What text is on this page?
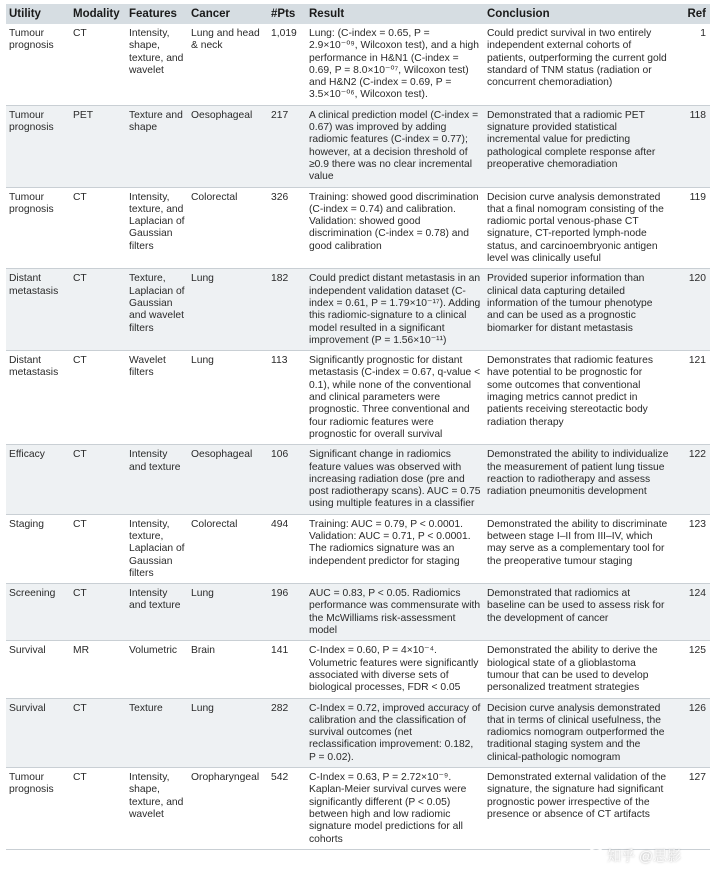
Utility	Modality	Features	Cancer	#Pts	Result	Conclusion	Ref
Tumour prognosis	CT	Intensity, shape, texture, and wavelet	Lung and head & neck	1,019	Lung: (C-index = 0.65, P = 2.9×10⁻⁰⁹, Wilcoxon test), and a high performance in H&N1 (C-index = 0.69, P = 8.0×10⁻⁰⁷, Wilcoxon test) and H&N2 (C-index = 0.69, P = 3.5×10⁻⁰⁶, Wilcoxon test).	Could predict survival in two entirely independent external cohorts of patients, outperforming the current gold standard of TNM status (radiation or concurrent chemoradiation)	1
Tumour prognosis	PET	Texture and shape	Oesophageal	217	A clinical prediction model (C-index = 0.67) was improved by adding radiomic features (C-index = 0.77); however, at a decision threshold of ≥0.9 there was no clear incremental value	Demonstrated that a radiomic PET signature provided statistical incremental value for predicting pathological complete response after preoperative chemoradiation	118
Tumour prognosis	CT	Intensity, texture, and Laplacian of Gaussian filters	Colorectal	326	Training: showed good discrimination (C-index = 0.74) and calibration. Validation: showed good discrimination (C-index = 0.78) and good calibration	Decision curve analysis demonstrated that a final nomogram consisting of the radiomic portal venous-phase CT signature, CT-reported lymph-node status, and carcinoembryonic antigen level was clinically useful	119
Distant metastasis	CT	Texture, Laplacian of Gaussian and wavelet filters	Lung	182	Could predict distant metastasis in an independent validation dataset (C-index = 0.61, P = 1.79×10⁻¹⁷). Adding this radiomic-signature to a clinical model resulted in a significant improvement (P = 1.56×10⁻¹¹)	Provided superior information than clinical data capturing detailed information of the tumour phenotype and can be used as a prognostic biomarker for distant metastasis	120
Distant metastasis	CT	Wavelet filters	Lung	113	Significantly prognostic for distant metastasis (C-index = 0.67, q-value < 0.1), while none of the conventional and clinical parameters were prognostic. Three conventional and four radiomic features were prognostic for overall survival	Demonstrates that radiomic features have potential to be prognostic for some outcomes that conventional imaging metrics cannot predict in patients receiving stereotactic body radiation therapy	121
Efficacy	CT	Intensity and texture	Oesophageal	106	Significant change in radiomics feature values was observed with increasing radiation dose (pre and post radiotherapy scans). AUC = 0.75 using multiple features in a classifier	Demonstrated the ability to individualize the measurement of patient lung tissue reaction to radiotherapy and assess radiation pneumonitis development	122
Staging	CT	Intensity, texture, Laplacian of Gaussian filters	Colorectal	494	Training: AUC = 0.79, P < 0.0001. Validation: AUC = 0.71, P < 0.0001. The radiomics signature was an independent predictor for staging	Demonstrated the ability to discriminate between stage I–II from III–IV, which may serve as a complementary tool for the preoperative tumour staging	123
Screening	CT	Intensity and texture	Lung	196	AUC = 0.83, P < 0.05. Radiomics performance was commensurate with the McWilliams risk-assessment model	Demonstrated that radiomics at baseline can be used to assess risk for the development of cancer	124
Survival	MR	Volumetric	Brain	141	C-Index = 0.60, P = 4×10⁻⁴. Volumetric features were significantly associated with diverse sets of biological processes, FDR < 0.05	Demonstrated the ability to derive the biological state of a glioblastoma tumour that can be used to develop personalized treatment strategies	125
Survival	CT	Texture	Lung	282	C-Index = 0.72, improved accuracy of calibration and the classification of survival outcomes (net reclassification improvement: 0.182, P = 0.02).	Decision curve analysis demonstrated that in terms of clinical usefulness, the radiomics nomogram outperformed the traditional staging system and the clinical-pathologic nomogram	126
Tumour prognosis	CT	Intensity, shape, texture, and wavelet	Oropharyngeal	542	C-Index = 0.63, P = 2.72×10⁻⁹. Kaplan-Meier survival curves were significantly different (P < 0.05) between high and low radiomic signature model predictions for all cohorts	Demonstrated external validation of the signature, the signature had significant prognostic power irrespective of the presence or absence of CT artifacts	127
知乎 @思影
